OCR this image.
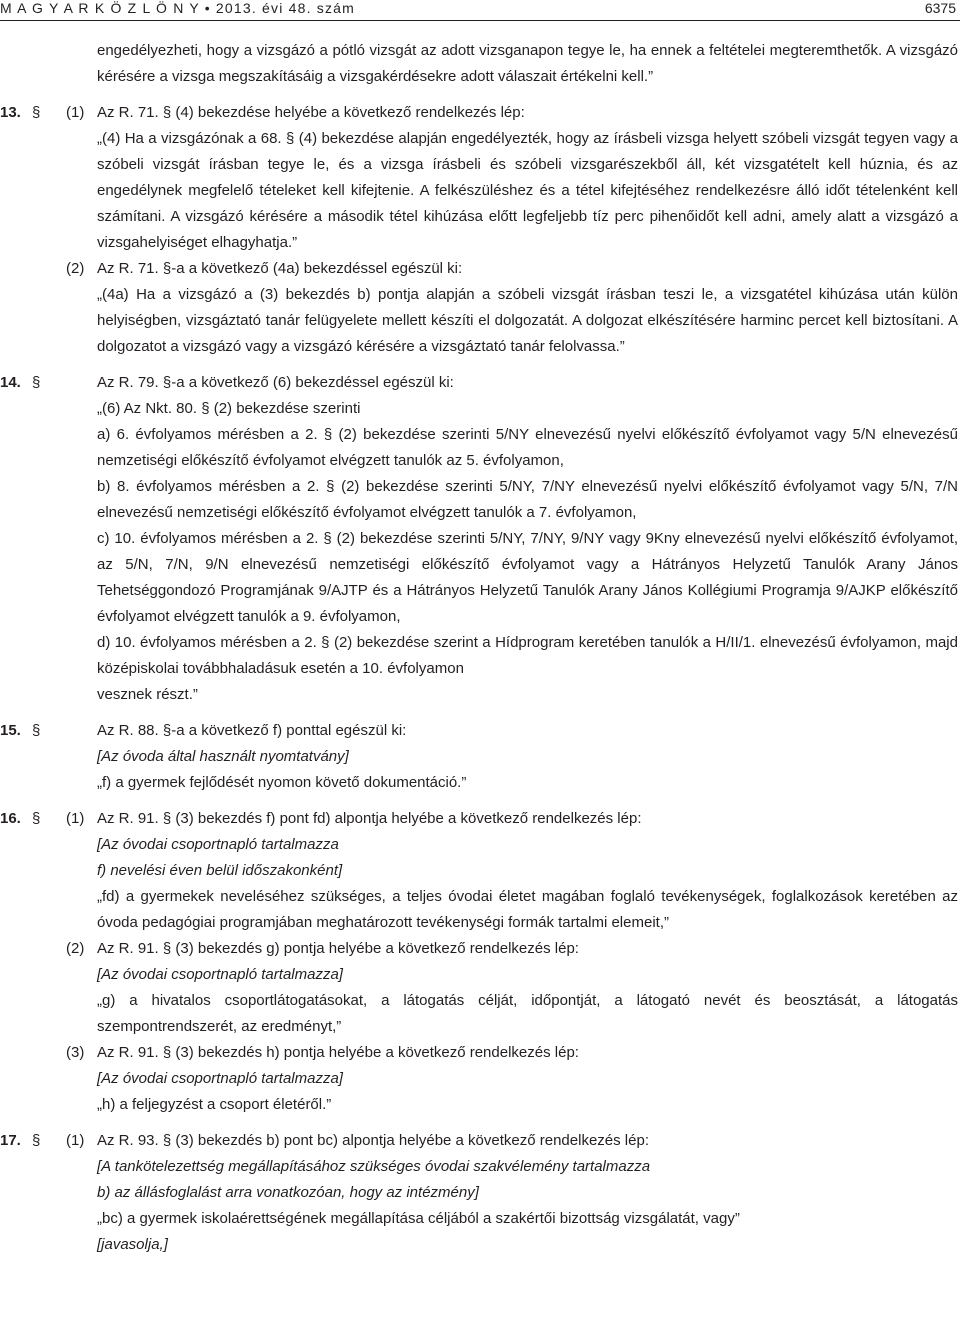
M A G Y A R K Ö Z L Ö N Y • 2013. évi 48. szám	6375
engedélyezheti, hogy a vizsgázó a pótló vizsgát az adott vizsganapon tegye le, ha ennek a feltételei megteremthetők. A vizsgázó kérésére a vizsga megszakításáig a vizsgakérdésekre adott válaszait értékelni kell.”
13. § (1) Az R. 71. § (4) bekezdése helyébe a következő rendelkezés lép:
„(4) Ha a vizsgázónak a 68. § (4) bekezdése alapján engedélyezték, hogy az írásbeli vizsga helyett szóbeli vizsgát tegyen vagy a szóbeli vizsgát írásban tegye le, és a vizsga írásbeli és szóbeli vizsgarészekből áll, két vizsgatételt kell húznia, és az engedélynek megfelelő tételeket kell kifejtenie. A felkészüléshez és a tétel kifejtéséhez rendelkezésre álló időt tételenként kell számítani. A vizsgázó kérésére a második tétel kihúzása előtt legfeljebb tíz perc pihenőidőt kell adni, amely alatt a vizsgázó a vizsgahelyiséget elhagyhatja.”
(2) Az R. 71. §-a a következő (4a) bekezdéssel egészül ki:
„(4a) Ha a vizsgázó a (3) bekezdés b) pontja alapján a szóbeli vizsgát írásban teszi le, a vizsgatétel kihúzása után külön helyiségben, vizsgáztató tanár felügyelete mellett készíti el dolgozatát. A dolgozat elkészítésére harminc percet kell biztosítani. A dolgozatot a vizsgázó vagy a vizsgázó kérésére a vizsgáztató tanár felolvassa.”
14. §	Az R. 79. §-a a következő (6) bekezdéssel egészül ki:
„(6) Az Nkt. 80. § (2) bekezdése szerinti
a) 6. évfolyamos mérésben a 2. § (2) bekezdése szerinti 5/NY elnevezésű nyelvi előkészítő évfolyamot vagy 5/N elnevezésű nemzetiségi előkészítő évfolyamot elvégzett tanulók az 5. évfolyamon,
b) 8. évfolyamos mérésben a 2. § (2) bekezdése szerinti 5/NY, 7/NY elnevezésű nyelvi előkészítő évfolyamot vagy 5/N, 7/N elnevezésű nemzetiségi előkészítő évfolyamot elvégzett tanulók a 7. évfolyamon,
c) 10. évfolyamos mérésben a 2. § (2) bekezdése szerinti 5/NY, 7/NY, 9/NY vagy 9Kny elnevezésű nyelvi előkészítő évfolyamot, az 5/N, 7/N, 9/N elnevezésű nemzetiségi előkészítő évfolyamot vagy a Hátrányos Helyzetű Tanulók Arany János Tehetséggondozó Programjának 9/AJTP és a Hátrányos Helyzetű Tanulók Arany János Kollégiumi Programja 9/AJKP előkészítő évfolyamot elvégzett tanulók a 9. évfolyamon,
d) 10. évfolyamos mérésben a 2. § (2) bekezdése szerint a Hídprogram keretében tanulók a H/II/1. elnevezésű évfolyamon, majd középiskolai továbbhaladásuk esetén a 10. évfolyamon
vesznek részt.”
15. §	Az R. 88. §-a a következő f) ponttal egészül ki:
[Az óvoda által használt nyomtatvány]
„f) a gyermek fejlődését nyomon követő dokumentáció.”
16. § (1) Az R. 91. § (3) bekezdés f) pont fd) alpontja helyébe a következő rendelkezés lép:
[Az óvodai csoportnapló tartalmazza
f) nevelési éven belül időszakonként]
„fd) a gyermekek neveléséhez szükséges, a teljes óvodai életet magában foglaló tevékenységek, foglalkozások keretében az óvoda pedagógiai programjában meghatározott tevékenységi formák tartalmi elemeit,”
(2) Az R. 91. § (3) bekezdés g) pontja helyébe a következő rendelkezés lép:
[Az óvodai csoportnapló tartalmazza]
„g) a hivatalos csoportlátogatásokat, a látogatás célját, időpontját, a látogató nevét és beosztását, a látogatás szempontrendszerét, az eredményt,”
(3) Az R. 91. § (3) bekezdés h) pontja helyébe a következő rendelkezés lép:
[Az óvodai csoportnapló tartalmazza]
„h) a feljegyzést a csoport életéről.”
17. § (1) Az R. 93. § (3) bekezdés b) pont bc) alpontja helyébe a következő rendelkezés lép:
[A tankötelezettség megállapításához szükséges óvodai szakvélemény tartalmazza
b) az állásfoglalást arra vonatkozóan, hogy az intézmény]
„bc) a gyermek iskolaérettségének megállapítása céljából a szakértői bizottság vizsgálatát, vagy”
[javasolja,]
